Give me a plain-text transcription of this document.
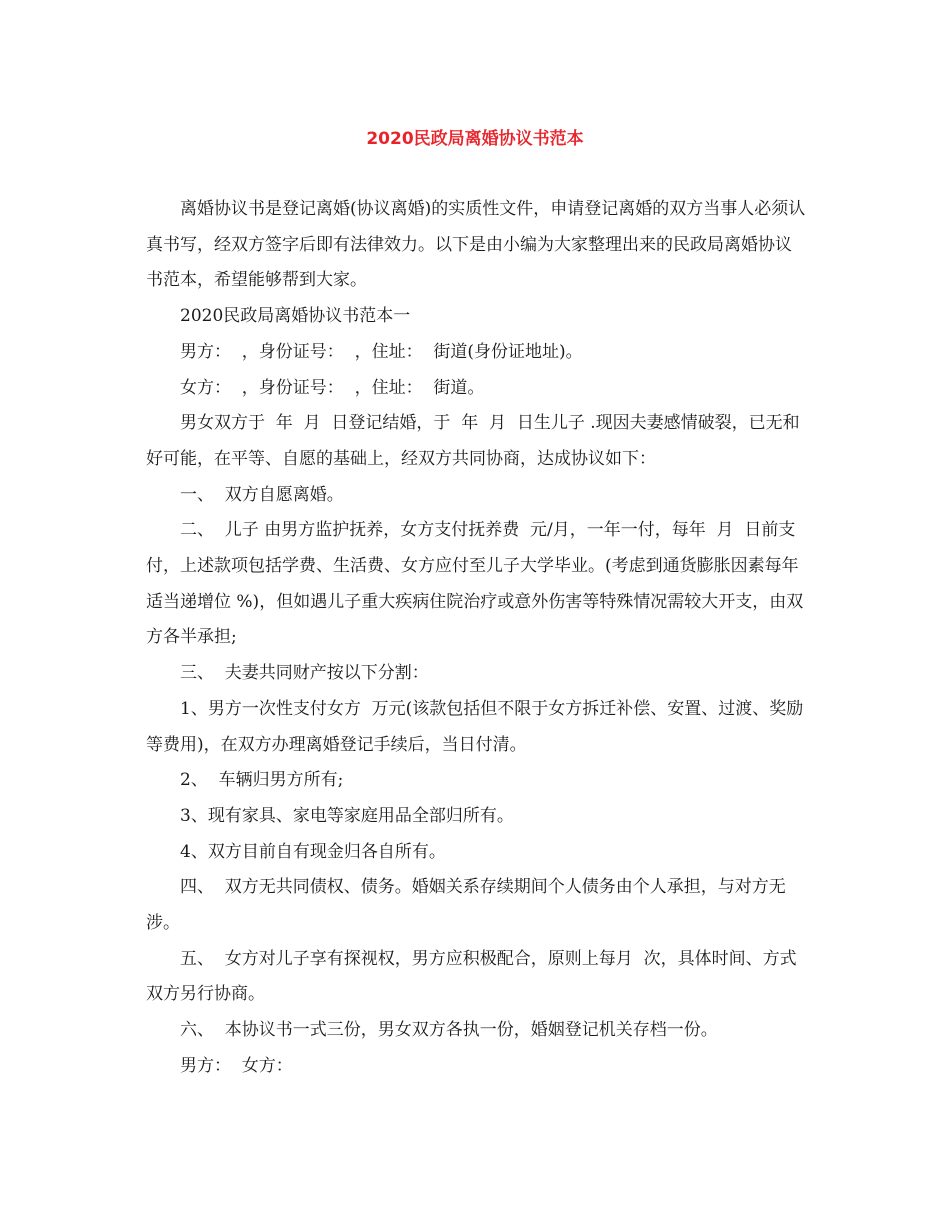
2020民政局离婚协议书范本

离婚协议书是登记离婚(协议离婚)的实质性文件，申请登记离婚的双方当事人必须认真书写，经双方签字后即有法律效力。以下是由小编为大家整理出来的民政局离婚协议书范本，希望能够帮到大家。

2020民政局离婚协议书范本一

男方：  ，身份证号：  ，住址：  街道(身份证地址)。

女方：  ，身份证号：  ，住址：  街道。

男女双方于  年  月  日登记结婚，于  年  月  日生儿子 .现因夫妻感情破裂，已无和好可能，在平等、自愿的基础上，经双方共同协商，达成协议如下：

一、  双方自愿离婚。

二、  儿子 由男方监护抚养，女方支付抚养费  元/月，一年一付，每年  月  日前支付，上述款项包括学费、生活费、女方应付至儿子大学毕业。(考虑到通货膨胀因素每年适当递增位 %)，但如遇儿子重大疾病住院治疗或意外伤害等特殊情况需较大开支，由双方各半承担;

三、  夫妻共同财产按以下分割：

1、男方一次性支付女方  万元(该款包括但不限于女方拆迁补偿、安置、过渡、奖励等费用)，在双方办理离婚登记手续后，当日付清。

2、  车辆归男方所有;

3、现有家具、家电等家庭用品全部归所有。

4、双方目前自有现金归各自所有。

四、  双方无共同债权、债务。婚姻关系存续期间个人债务由个人承担，与对方无涉。

五、  女方对儿子享有探视权，男方应积极配合，原则上每月  次，具体时间、方式双方另行协商。

六、  本协议书一式三份，男女双方各执一份，婚姻登记机关存档一份。

男方：  女方：
